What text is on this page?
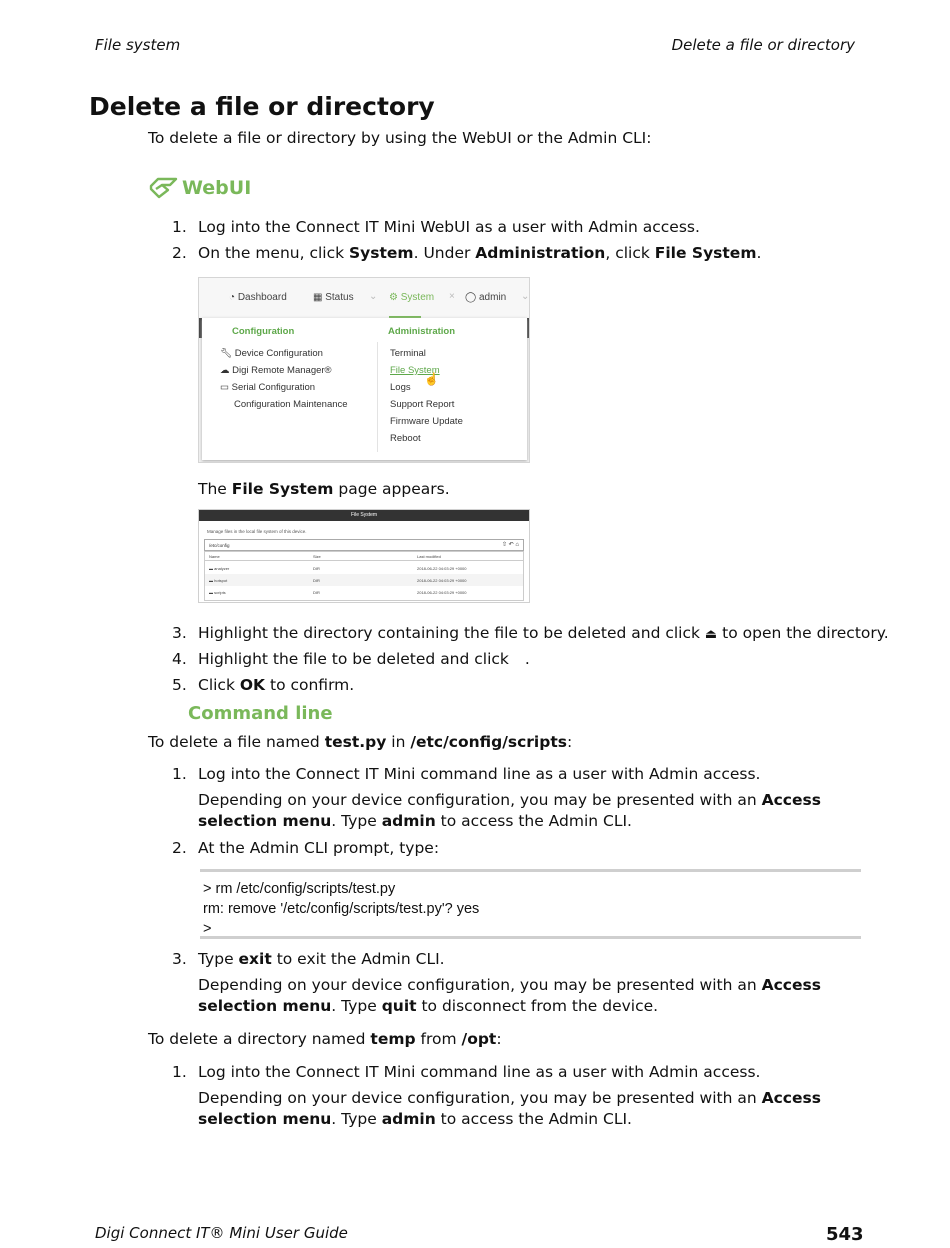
File system	Delete a file or directory
Delete a file or directory
To delete a file or directory by using the WebUI or the Admin CLI:
WebUI
1. Log into the Connect IT Mini WebUI as a user with Admin access.
2. On the menu, click System. Under Administration, click File System.
◔ Dashboard	▦ Status ⌄ ⚙ System × ◯ admin ⌄
Configuration
🔧︎ Device Configuration
☁ Digi Remote Manager®
▭ Serial Configuration
Configuration Maintenance
Administration
Terminal
File System
☝
Logs
Support Report
Firmware Update
Reboot
The File System page appears.
File System
Manage files in the local file system of this device.
/etc/config	⇧ ↶ ⌂
Name	Size	Last modified
▬ analyzer	DIR	2018-06-22 04:03:29 +0000
▬ hotspot	DIR	2018-06-22 04:03:29 +0000
▬ scripts	DIR	2018-06-22 04:03:29 +0000
3. Highlight the directory containing the file to be deleted and click ⏏ to open the directory.
4. Highlight the file to be deleted and click .
5. Click OK to confirm.
Command line
To delete a file named test.py in /etc/config/scripts:
1. Log into the Connect IT Mini command line as a user with Admin access.
Depending on your device configuration, you may be presented with an Access selection menu. Type admin to access the Admin CLI.
2. At the Admin CLI prompt, type:
> rm /etc/config/scripts/test.py
rm: remove '/etc/config/scripts/test.py'? yes
>
3. Type exit to exit the Admin CLI.
Depending on your device configuration, you may be presented with an Access selection menu. Type quit to disconnect from the device.
To delete a directory named temp from /opt:
1. Log into the Connect IT Mini command line as a user with Admin access.
Depending on your device configuration, you may be presented with an Access selection menu. Type admin to access the Admin CLI.
Digi Connect IT® Mini User Guide	543
